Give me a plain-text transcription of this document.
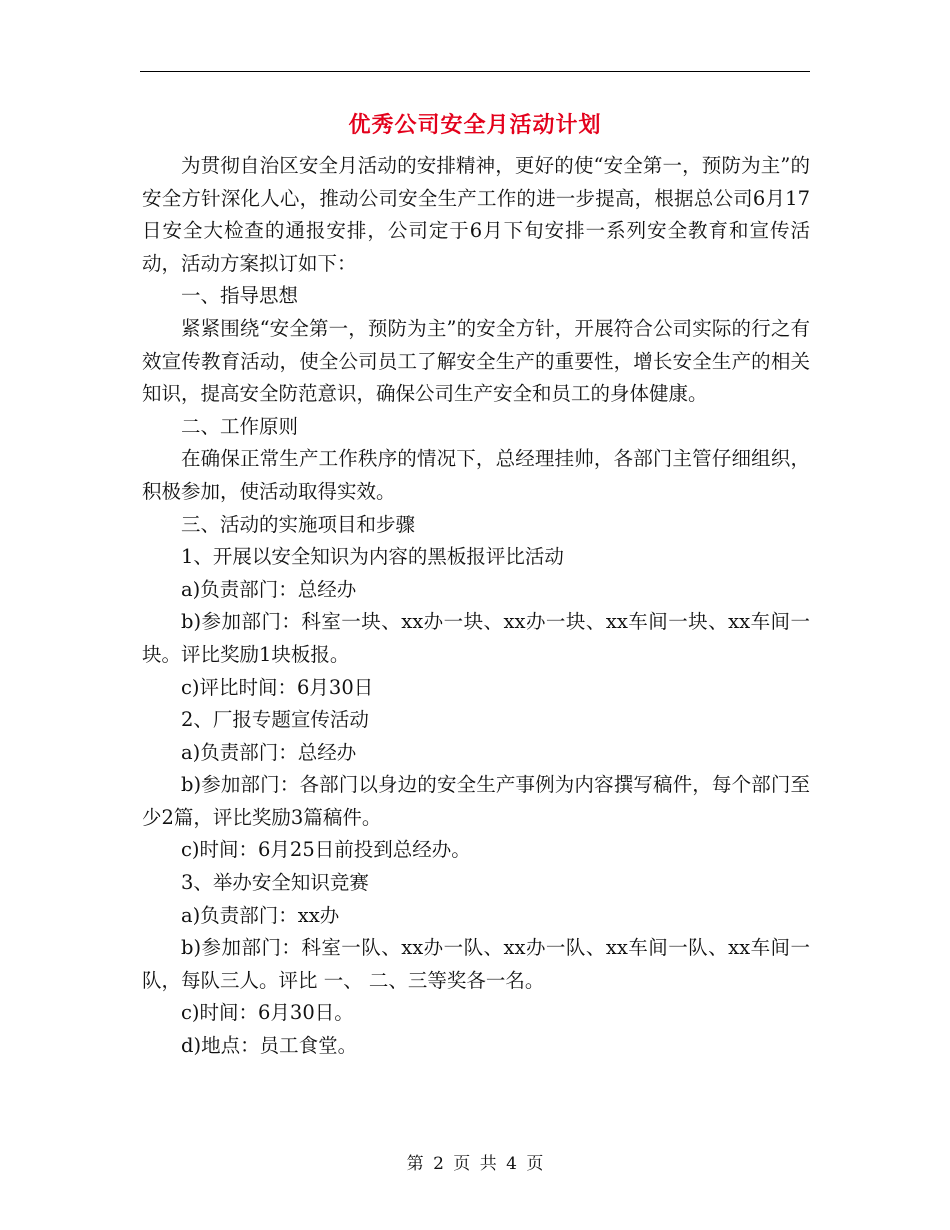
优秀公司安全月活动计划

为贯彻自治区安全月活动的安排精神，更好的使“安全第一，预防为主”的安全方针深化人心，推动公司安全生产工作的进一步提高，根据总公司6月17日安全大检查的通报安排，公司定于6月下旬安排一系列安全教育和宣传活动，活动方案拟订如下：

一、指导思想

紧紧围绕“安全第一，预防为主”的安全方针，开展符合公司实际的行之有效宣传教育活动，使全公司员工了解安全生产的重要性，增长安全生产的相关知识，提高安全防范意识，确保公司生产安全和员工的身体健康。

二、工作原则

在确保正常生产工作秩序的情况下，总经理挂帅，各部门主管仔细组织，积极参加，使活动取得实效。

三、活动的实施项目和步骤

1、开展以安全知识为内容的黑板报评比活动

a)负责部门：总经办

b)参加部门：科室一块、xx办一块、xx办一块、xx车间一块、xx车间一块。评比奖励1块板报。

c)评比时间：6月30日

2、厂报专题宣传活动

a)负责部门：总经办

b)参加部门：各部门以身边的安全生产事例为内容撰写稿件，每个部门至少2篇，评比奖励3篇稿件。

c)时间：6月25日前投到总经办。

3、举办安全知识竞赛

a)负责部门：xx办

b)参加部门：科室一队、xx办一队、xx办一队、xx车间一队、xx车间一队，每队三人。评比 一、 二、三等奖各一名。

c)时间：6月30日。

d)地点：员工食堂。

第 2 页 共 4 页
